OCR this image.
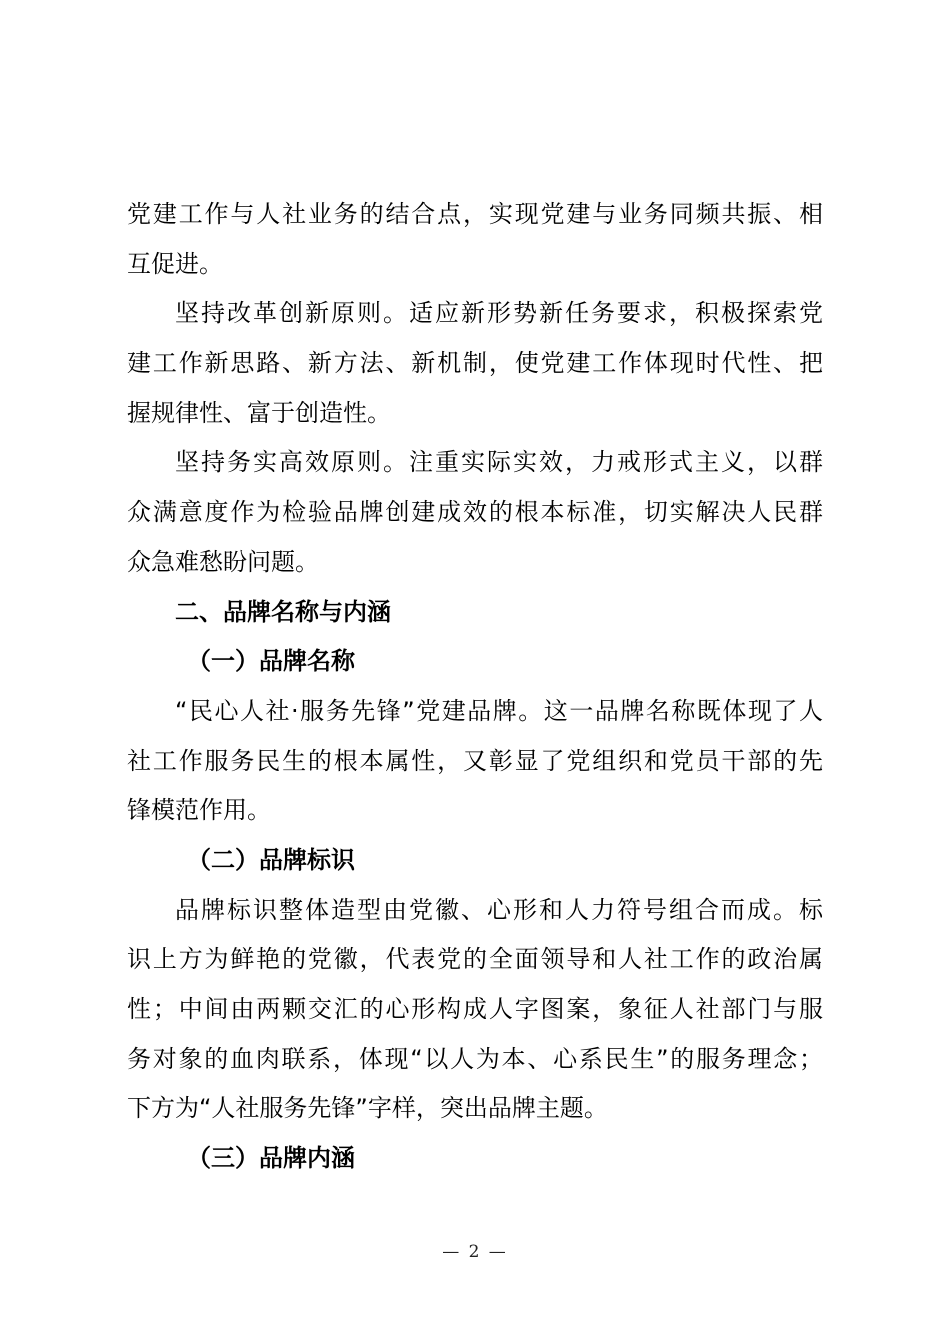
党建工作与人社业务的结合点，实现党建与业务同频共振、相
互促进。
坚持改革创新原则。适应新形势新任务要求，积极探索党
建工作新思路、新方法、新机制，使党建工作体现时代性、把
握规律性、富于创造性。
坚持务实高效原则。注重实际实效，力戒形式主义，以群
众满意度作为检验品牌创建成效的根本标准，切实解决人民群
众急难愁盼问题。
二、品牌名称与内涵
（一）品牌名称
“民心人社·服务先锋”党建品牌。这一品牌名称既体现了人
社工作服务民生的根本属性，又彰显了党组织和党员干部的先
锋模范作用。
（二）品牌标识
品牌标识整体造型由党徽、心形和人力符号组合而成。标
识上方为鲜艳的党徽，代表党的全面领导和人社工作的政治属
性；中间由两颗交汇的心形构成人字图案，象征人社部门与服
务对象的血肉联系，体现“以人为本、心系民生”的服务理念；
下方为“人社服务先锋”字样，突出品牌主题。
（三）品牌内涵
— 2 —
